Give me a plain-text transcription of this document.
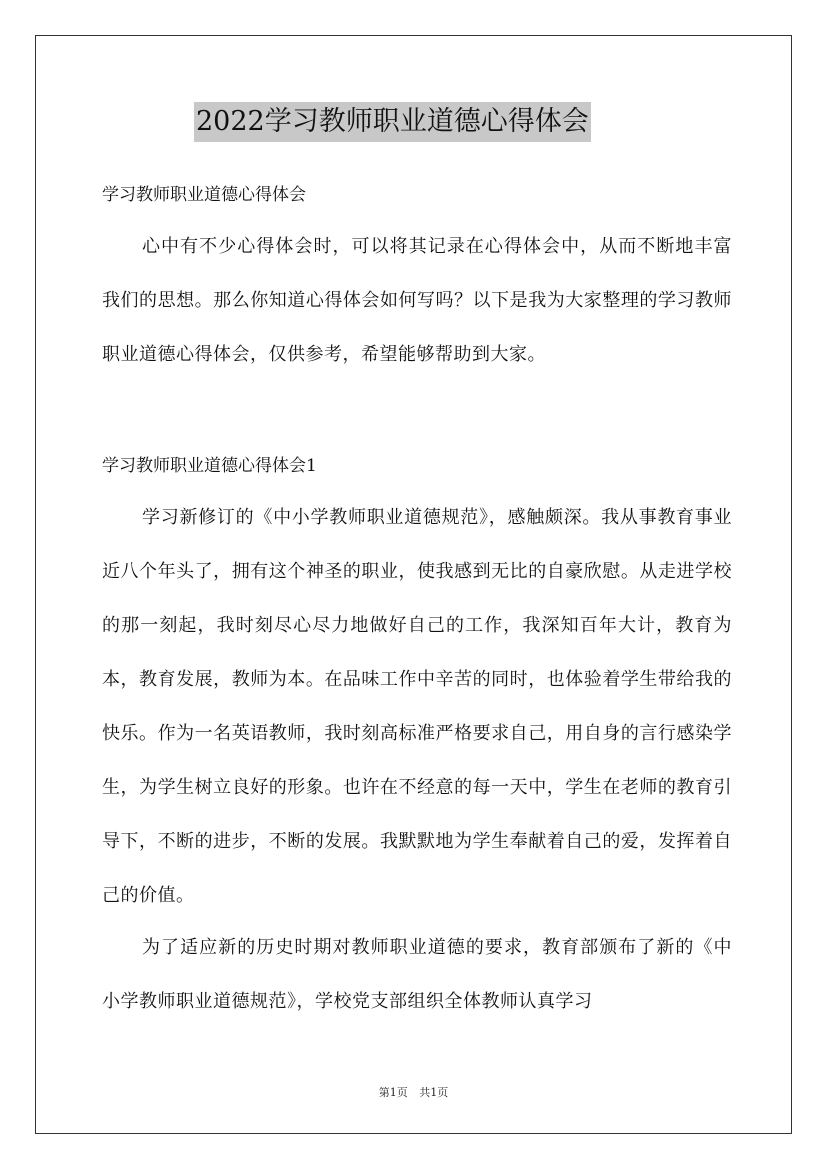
2022学习教师职业道德心得体会
学习教师职业道德心得体会

心中有不少心得体会时，可以将其记录在心得体会中，从而不断地丰富我们的思想。那么你知道心得体会如何写吗？以下是我为大家整理的学习教师职业道德心得体会，仅供参考，希望能够帮助到大家。

学习教师职业道德心得体会1

学习新修订的《中小学教师职业道德规范》，感触颇深。我从事教育事业近八个年头了，拥有这个神圣的职业，使我感到无比的自豪欣慰。从走进学校的那一刻起，我时刻尽心尽力地做好自己的工作，我深知百年大计，教育为本，教育发展，教师为本。在品味工作中辛苦的同时，也体验着学生带给我的快乐。作为一名英语教师，我时刻高标准严格要求自己，用自身的言行感染学生，为学生树立良好的形象。也许在不经意的每一天中，学生在老师的教育引导下，不断的进步，不断的发展。我默默地为学生奉献着自己的爱，发挥着自己的价值。

为了适应新的历史时期对教师职业道德的要求，教育部颁布了新的《中小学教师职业道德规范》，学校党支部组织全体教师认真学习

第1页 共1页
